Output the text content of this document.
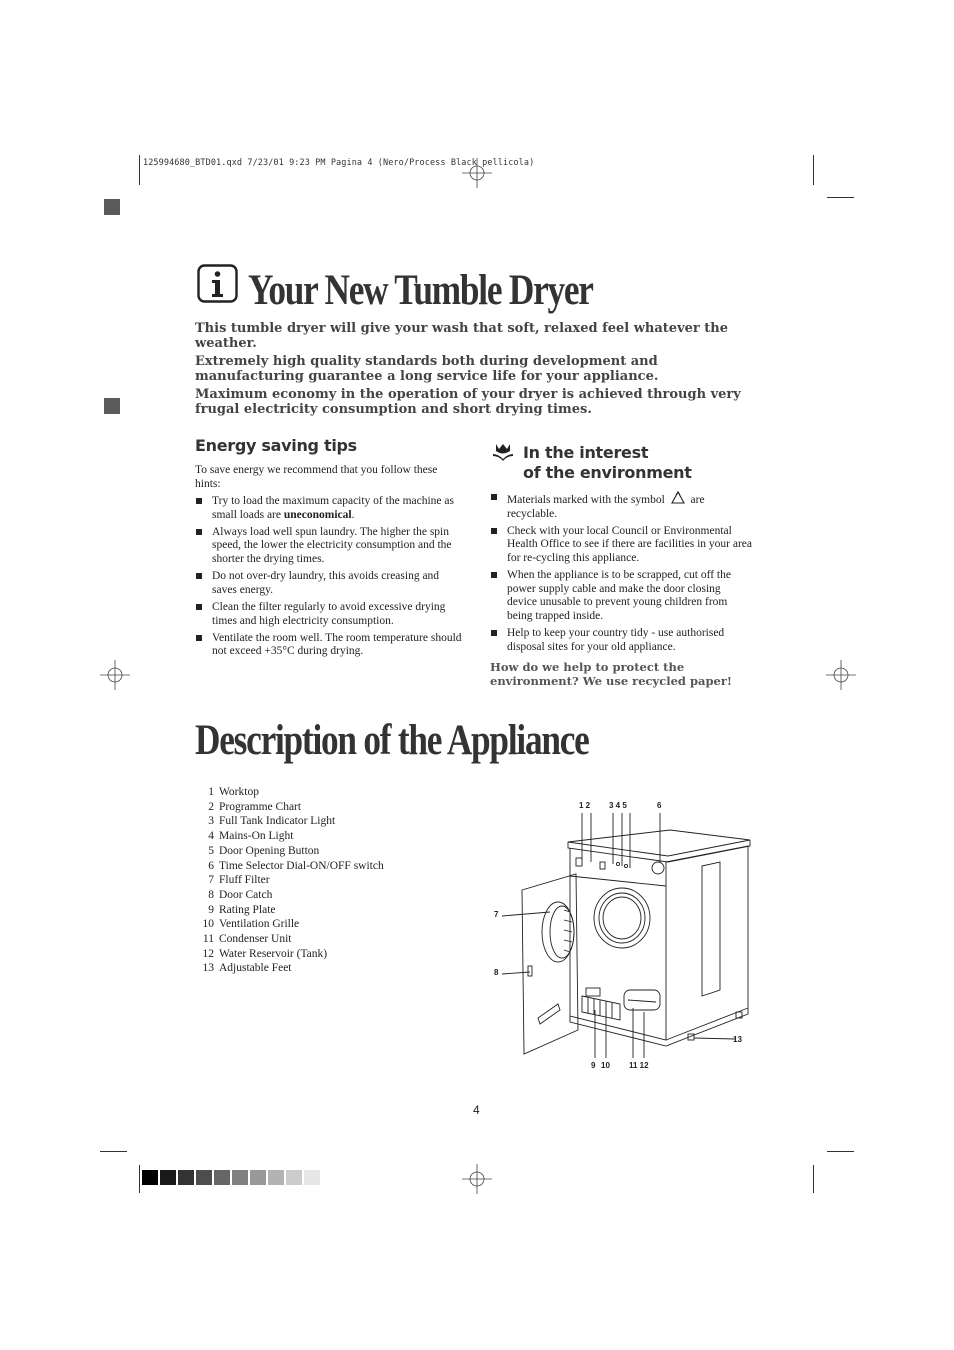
125994680_BTD01.qxd 7/23/01 9:23 PM Pagina 4 (Nero/Process Black pellicola)
Your New Tumble Dryer
This tumble dryer will give your wash that soft, relaxed feel whatever the weather.
Extremely high quality standards both during development and manufacturing guarantee a long service life for your appliance.
Maximum economy in the operation of your dryer is achieved through very frugal electricity consumption and short drying times.
Energy saving tips
To save energy we recommend that you follow these hints:
Try to load the maximum capacity of the machine as small loads are uneconomical.
Always load well spun laundry. The higher the spin speed, the lower the electricity consumption and the shorter the drying times.
Do not over-dry laundry, this avoids creasing and saves energy.
Clean the filter regularly to avoid excessive drying times and high electricity consumption.
Ventilate the room well. The room temperature should not exceed +35°C during drying.
In the interest
of the environment
Materials marked with the symbol are recyclable.
Check with your local Council or Environmental Health Office to see if there are facilities in your area for re-cycling this appliance.
When the appliance is to be scrapped, cut off the power supply cable and make the door closing device unusable to prevent young children from being trapped inside.
Help to keep your country tidy - use authorised disposal sites for your old appliance.
How do we help to protect the environment? We use recycled paper!
Description of the Appliance
1 Worktop
2 Programme Chart
3 Full Tank Indicator Light
4 Mains-On Light
5 Door Opening Button
6 Time Selector Dial-ON/OFF switch
7 Fluff Filter
8 Door Catch
9 Rating Plate
10 Ventilation Grille
11 Condenser Unit
12 Water Reservoir (Tank)
13 Adjustable Feet
1 2 3 4 5	6
7
8
9 10 11 12
13
4
